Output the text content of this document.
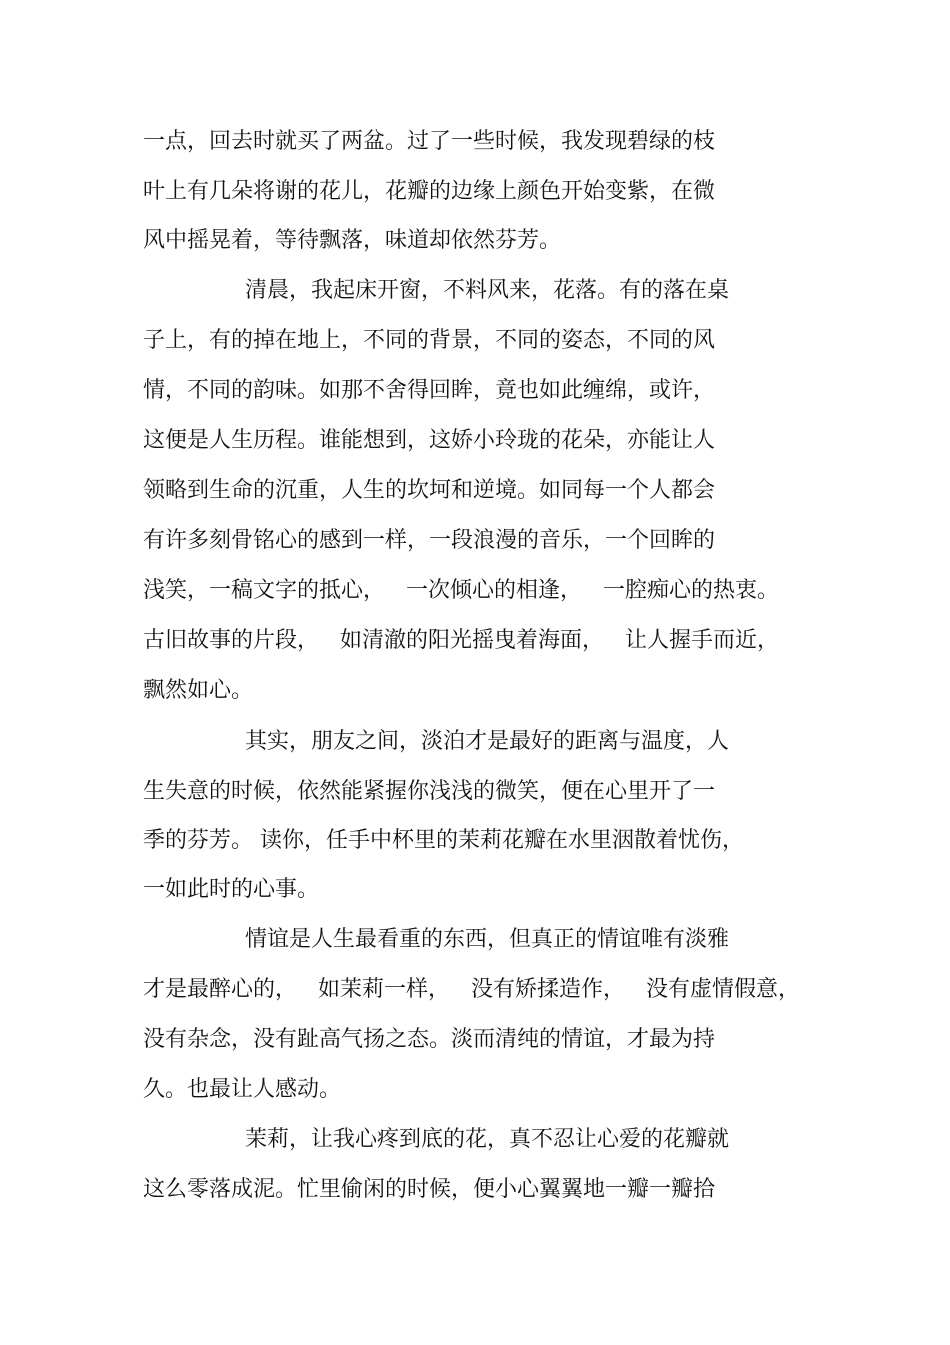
一点，回去时就买了两盆。过了一些时候，我发现碧绿的枝
叶上有几朵将谢的花儿，花瓣的边缘上颜色开始变紫，在微
风中摇晃着，等待飘落，味道却依然芬芳。
清晨，我起床开窗，不料风来，花落。有的落在桌
子上，有的掉在地上，不同的背景，不同的姿态，不同的风
情，不同的韵味。如那不舍得回眸，竟也如此缠绵，或许，
这便是人生历程。谁能想到，这娇小玲珑的花朵，亦能让人
领略到生命的沉重，人生的坎坷和逆境。如同每一个人都会
有许多刻骨铭心的感到一样，一段浪漫的音乐，一个回眸的
浅笑，一稿文字的抵心，   一次倾心的相逢，   一腔痴心的热衷。
古旧故事的片段，   如清澈的阳光摇曳着海面，   让人握手而近，
飘然如心。
其实，朋友之间，淡泊才是最好的距离与温度，人
生失意的时候，依然能紧握你浅浅的微笑，便在心里开了一
季的芬芳。 读你，任手中杯里的茉莉花瓣在水里洇散着忧伤，
一如此时的心事。
情谊是人生最看重的东西，但真正的情谊唯有淡雅
才是最醉心的，   如茉莉一样，   没有矫揉造作，   没有虚情假意，
没有杂念，没有趾高气扬之态。淡而清纯的情谊，才最为持
久。也最让人感动。
茉莉，让我心疼到底的花，真不忍让心爱的花瓣就
这么零落成泥。忙里偷闲的时候，便小心翼翼地一瓣一瓣拾
